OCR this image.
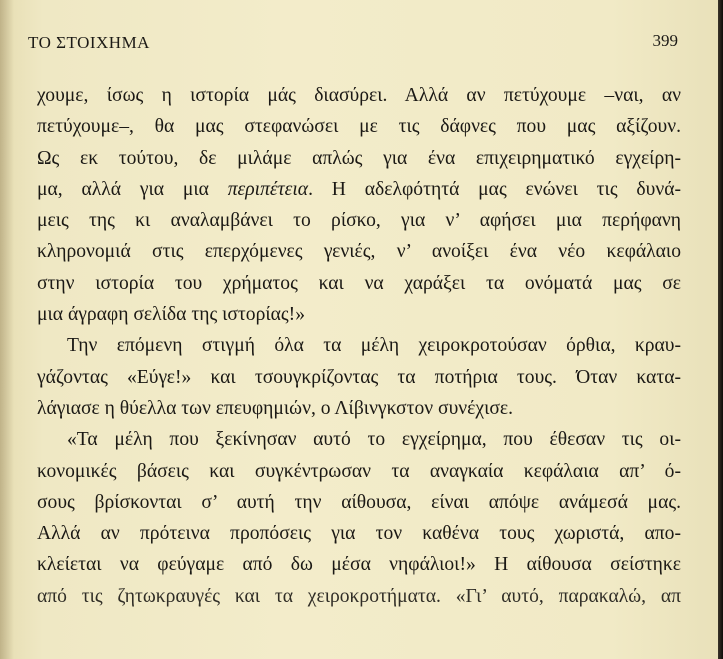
ΤΟ ΣΤΟΙΧΗΜΑ	399
χουμε, ίσως η ιστορία μάς διασύρει. Αλλά αν πετύχουμε –ναι, αν
πετύχουμε–, θα μας στεφανώσει με τις δάφνες που μας αξίζουν.
Ως εκ τούτου, δε μιλάμε απλώς για ένα επιχειρηματικό εγχείρη-
μα, αλλά για μια περιπέτεια. Η αδελφότητά μας ενώνει τις δυνά-
μεις της κι αναλαμβάνει το ρίσκο, για ν’ αφήσει μια περήφανη
κληρονομιά στις επερχόμενες γενιές, ν’ ανοίξει ένα νέο κεφάλαιο
στην ιστορία του χρήματος και να χαράξει τα ονόματά μας σε
μια άγραφη σελίδα της ιστορίας!»
Την επόμενη στιγμή όλα τα μέλη χειροκροτούσαν όρθια, κραυ-
γάζοντας «Εύγε!» και τσουγκρίζοντας τα ποτήρια τους. Όταν κατα-
λάγιασε η θύελλα των επευφημιών, ο Λίβινγκστον συνέχισε.
«Τα μέλη που ξεκίνησαν αυτό το εγχείρημα, που έθεσαν τις οι-
κονομικές βάσεις και συγκέντρωσαν τα αναγκαία κεφάλαια απ’ ό-
σους βρίσκονται σ’ αυτή την αίθουσα, είναι απόψε ανάμεσά μας.
Αλλά αν πρότεινα προπόσεις για τον καθένα τους χωριστά, απο-
κλείεται να φεύγαμε από δω μέσα νηφάλιοι!» Η αίθουσα σείστηκε
από τις ζητωκραυγές και τα χειροκροτήματα. «Γι’ αυτό, παρακαλώ, απ
